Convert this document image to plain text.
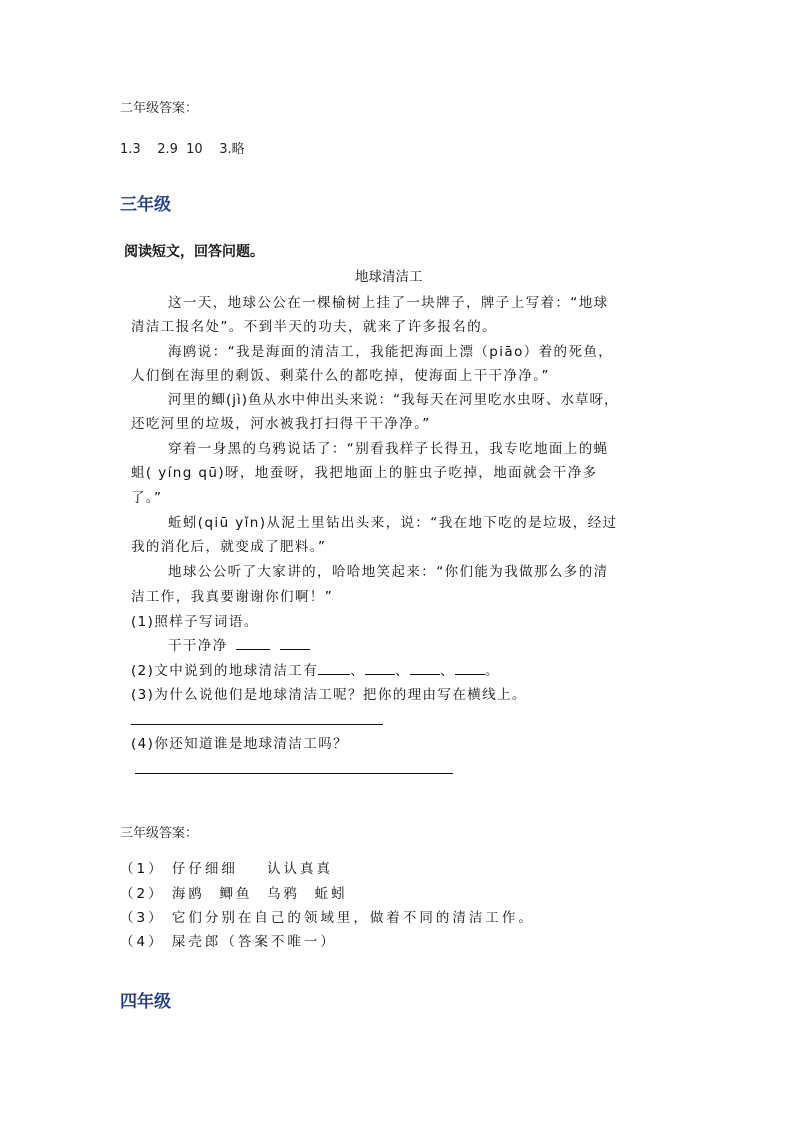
二年级答案：
1.3    2.9  10    3.略
三年级
阅读短文，回答问题。
地球清洁工
这一天，地球公公在一棵榆树上挂了一块牌子，牌子上写着：“地球
清洁工报名处”。不到半天的功夫，就来了许多报名的。
海鸥说：“我是海面的清洁工，我能把海面上漂（piāo）着的死鱼，
人们倒在海里的剩饭、剩菜什么的都吃掉，使海面上干干净净。”
河里的鲫(jì)鱼从水中伸出头来说：“我每天在河里吃水虫呀、水草呀，
还吃河里的垃圾，河水被我打扫得干干净净。”
穿着一身黑的乌鸦说话了：“别看我样子长得丑，我专吃地面上的蝇
蛆( yíng qū)呀，地蚕呀，我把地面上的脏虫子吃掉，地面就会干净多
了。”
蚯蚓(qiū yǐn)从泥土里钻出头来，说：“我在地下吃的是垃圾，经过
我的消化后，就变成了肥料。”
地球公公听了大家讲的，哈哈地笑起来：“你们能为我做那么多的清
洁工作，我真要谢谢你们啊！”
(1)照样子写词语。
干干净净
(2)文中说到的地球清洁工有 、 、 、 。
(3)为什么说他们是地球清洁工呢？把你的理由写在横线上。
(4)你还知道谁是地球清洁工吗？
三年级答案：
（1） 仔仔细细    认认真真
（2） 海鸥  鲫鱼  乌鸦  蚯蚓
（3） 它们分别在自己的领域里，做着不同的清洁工作。
（4） 屎壳郎（答案不唯一）
四年级
